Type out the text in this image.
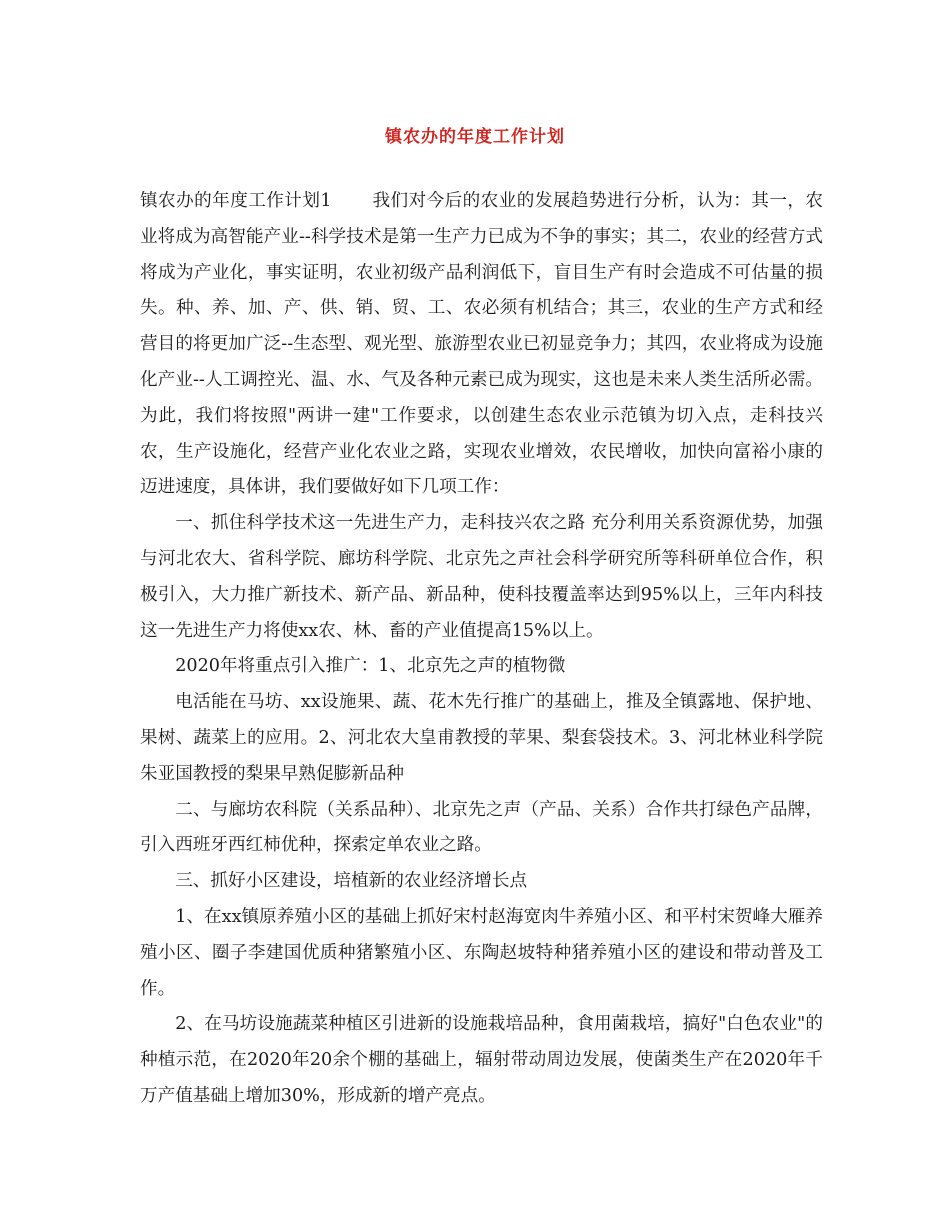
镇农办的年度工作计划

镇农办的年度工作计划1 我们对今后的农业的发展趋势进行分析，认为：其一，农业将成为高智能产业--科学技术是第一生产力已成为不争的事实；其二，农业的经营方式将成为产业化，事实证明，农业初级产品利润低下，盲目生产有时会造成不可估量的损失。种、养、加、产、供、销、贸、工、农必须有机结合；其三，农业的生产方式和经营目的将更加广泛--生态型、观光型、旅游型农业已初显竞争力；其四，农业将成为设施化产业--人工调控光、温、水、气及各种元素已成为现实，这也是未来人类生活所必需。为此，我们将按照"两讲一建"工作要求，以创建生态农业示范镇为切入点，走科技兴农，生产设施化，经营产业化农业之路，实现农业增效，农民增收，加快向富裕小康的迈进速度，具体讲，我们要做好如下几项工作：

一、抓住科学技术这一先进生产力，走科技兴农之路 充分利用关系资源优势，加强与河北农大、省科学院、廊坊科学院、北京先之声社会科学研究所等科研单位合作，积极引入，大力推广新技术、新产品、新品种，使科技覆盖率达到95%以上，三年内科技这一先进生产力将使xx农、林、畜的产业值提高15%以上。

2020年将重点引入推广：1、北京先之声的植物微

电活能在马坊、xx设施果、蔬、花木先行推广的基础上，推及全镇露地、保护地、果树、蔬菜上的应用。2、河北农大皇甫教授的苹果、梨套袋技术。3、河北林业科学院朱亚国教授的梨果早熟促膨新品种

二、与廊坊农科院（关系品种）、北京先之声（产品、关系）合作共打绿色产品牌，引入西班牙西红柿优种，探索定单农业之路。

三、抓好小区建设，培植新的农业经济增长点

1、在xx镇原养殖小区的基础上抓好宋村赵海宽肉牛养殖小区、和平村宋贺峰大雁养殖小区、圈子李建国优质种猪繁殖小区、东陶赵坡特种猪养殖小区的建设和带动普及工作。

2、在马坊设施蔬菜种植区引进新的设施栽培品种，食用菌栽培，搞好"白色农业"的种植示范，在2020年20余个棚的基础上，辐射带动周边发展，使菌类生产在2020年千万产值基础上增加30%，形成新的增产亮点。
